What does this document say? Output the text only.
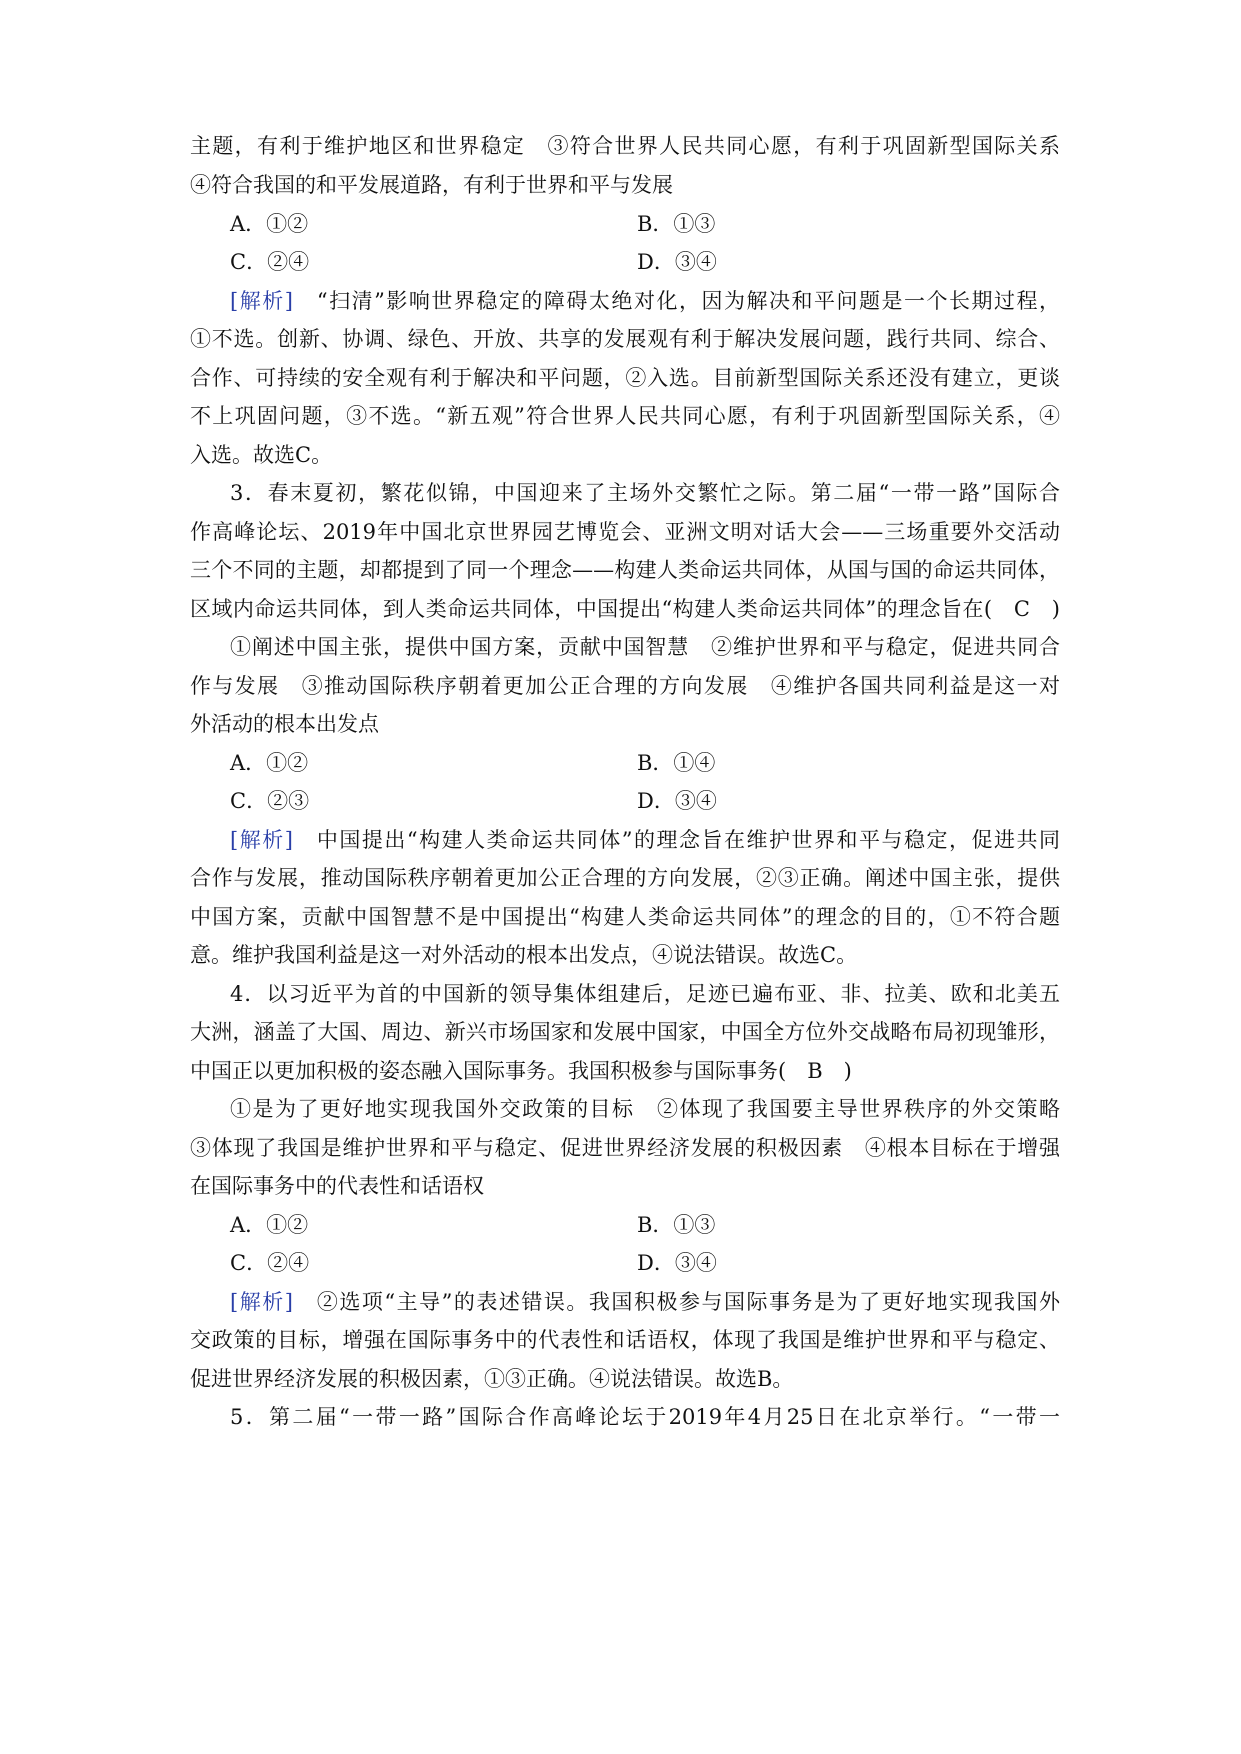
主题，有利于维护地区和世界稳定　③符合世界人民共同心愿，有利于巩固新型国际关系
④符合我国的和平发展道路，有利于世界和平与发展
A．①②	B．①③
C．②④	D．③④
[解析]　“扫清”影响世界稳定的障碍太绝对化，因为解决和平问题是一个长期过程，
①不选。创新、协调、绿色、开放、共享的发展观有利于解决发展问题，践行共同、综合、
合作、可持续的安全观有利于解决和平问题，②入选。目前新型国际关系还没有建立，更谈
不上巩固问题，③不选。“新五观”符合世界人民共同心愿，有利于巩固新型国际关系，④
入选。故选C。
3．春末夏初，繁花似锦，中国迎来了主场外交繁忙之际。第二届“一带一路”国际合
作高峰论坛、2019年中国北京世界园艺博览会、亚洲文明对话大会——三场重要外交活动
三个不同的主题，却都提到了同一个理念——构建人类命运共同体，从国与国的命运共同体，
区域内命运共同体，到人类命运共同体，中国提出“构建人类命运共同体”的理念旨在(　C　)
①阐述中国主张，提供中国方案，贡献中国智慧　②维护世界和平与稳定，促进共同合
作与发展　③推动国际秩序朝着更加公正合理的方向发展　④维护各国共同利益是这一对
外活动的根本出发点
A．①②	B．①④
C．②③	D．③④
[解析]　中国提出“构建人类命运共同体”的理念旨在维护世界和平与稳定，促进共同
合作与发展，推动国际秩序朝着更加公正合理的方向发展，②③正确。阐述中国主张，提供
中国方案，贡献中国智慧不是中国提出“构建人类命运共同体”的理念的目的，①不符合题
意。维护我国利益是这一对外活动的根本出发点，④说法错误。故选C。
4．以习近平为首的中国新的领导集体组建后，足迹已遍布亚、非、拉美、欧和北美五
大洲，涵盖了大国、周边、新兴市场国家和发展中国家，中国全方位外交战略布局初现雏形，
中国正以更加积极的姿态融入国际事务。我国积极参与国际事务(　B　)
①是为了更好地实现我国外交政策的目标　②体现了我国要主导世界秩序的外交策略
③体现了我国是维护世界和平与稳定、促进世界经济发展的积极因素　④根本目标在于增强
在国际事务中的代表性和话语权
A．①②	B．①③
C．②④	D．③④
[解析]　②选项“主导”的表述错误。我国积极参与国际事务是为了更好地实现我国外
交政策的目标，增强在国际事务中的代表性和话语权，体现了我国是维护世界和平与稳定、
促进世界经济发展的积极因素，①③正确。④说法错误。故选B。
5．第二届“一带一路”国际合作高峰论坛于2019年4月25日在北京举行。“一带一
